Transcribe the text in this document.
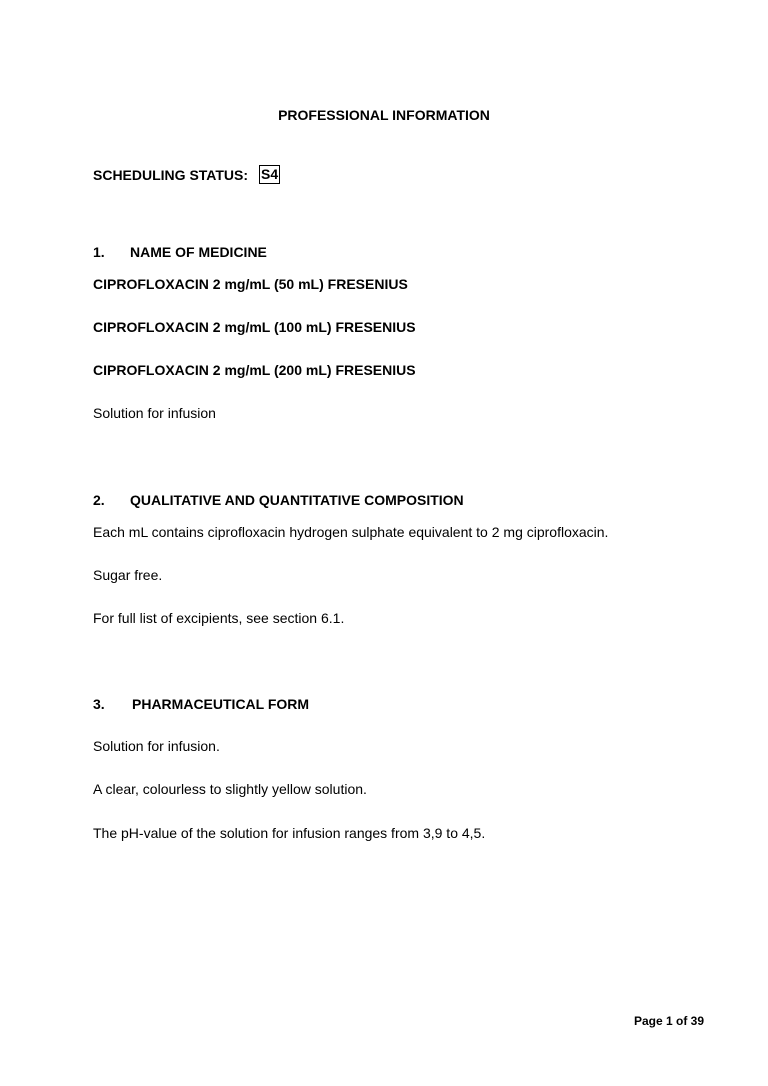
PROFESSIONAL INFORMATION
SCHEDULING STATUS: S4
1. NAME OF MEDICINE
CIPROFLOXACIN 2 mg/mL (50 mL) FRESENIUS
CIPROFLOXACIN 2 mg/mL (100 mL) FRESENIUS
CIPROFLOXACIN 2 mg/mL (200 mL) FRESENIUS
Solution for infusion
2. QUALITATIVE AND QUANTITATIVE COMPOSITION
Each mL contains ciprofloxacin hydrogen sulphate equivalent to 2 mg ciprofloxacin.
Sugar free.
For full list of excipients, see section 6.1.
3. PHARMACEUTICAL FORM
Solution for infusion.
A clear, colourless to slightly yellow solution.
The pH-value of the solution for infusion ranges from 3,9 to 4,5.
Page 1 of 39
